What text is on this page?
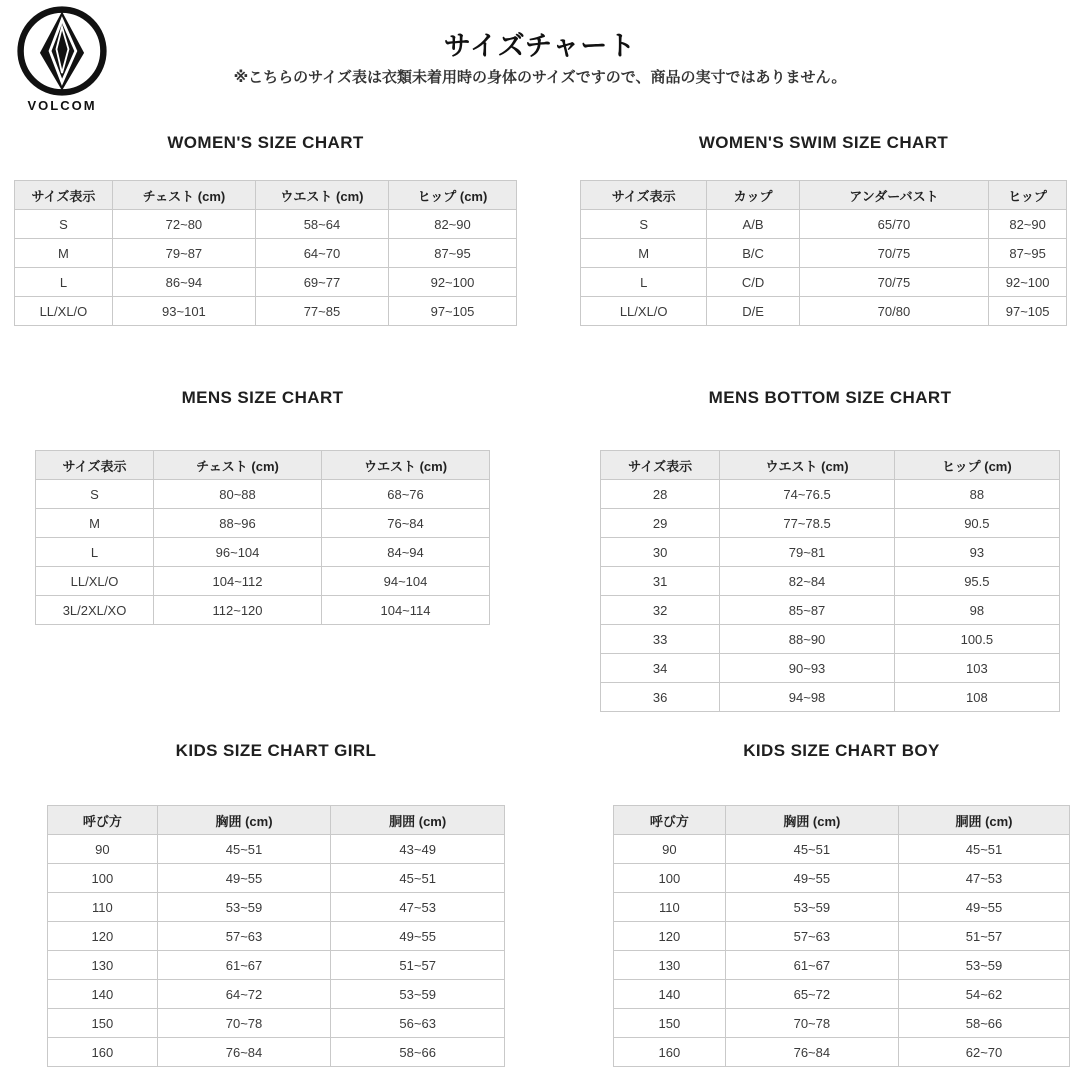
VOLCOM
サイズチャート
※こちらのサイズ表は衣類未着用時の身体のサイズですので、商品の実寸ではありません。
WOMEN'S SIZE CHART
サイズ表示	チェスト (cm)	ウエスト (cm)	ヒップ (cm)
S	72~80	58~64	82~90
M	79~87	64~70	87~95
L	86~94	69~77	92~100
LL/XL/O	93~101	77~85	97~105
WOMEN'S SWIM SIZE CHART
サイズ表示	カップ	アンダーバスト	ヒップ
S	A/B	65/70	82~90
M	B/C	70/75	87~95
L	C/D	70/75	92~100
LL/XL/O	D/E	70/80	97~105
MENS SIZE CHART
サイズ表示	チェスト (cm)	ウエスト (cm)
S	80~88	68~76
M	88~96	76~84
L	96~104	84~94
LL/XL/O	104~112	94~104
3L/2XL/XO	112~120	104~114
MENS BOTTOM SIZE CHART
サイズ表示	ウエスト (cm)	ヒップ (cm)
28	74~76.5	88
29	77~78.5	90.5
30	79~81	93
31	82~84	95.5
32	85~87	98
33	88~90	100.5
34	90~93	103
36	94~98	108
KIDS SIZE CHART GIRL
呼び方	胸囲 (cm)	胴囲 (cm)
90	45~51	43~49
100	49~55	45~51
110	53~59	47~53
120	57~63	49~55
130	61~67	51~57
140	64~72	53~59
150	70~78	56~63
160	76~84	58~66
KIDS SIZE CHART BOY
呼び方	胸囲 (cm)	胴囲 (cm)
90	45~51	45~51
100	49~55	47~53
110	53~59	49~55
120	57~63	51~57
130	61~67	53~59
140	65~72	54~62
150	70~78	58~66
160	76~84	62~70
